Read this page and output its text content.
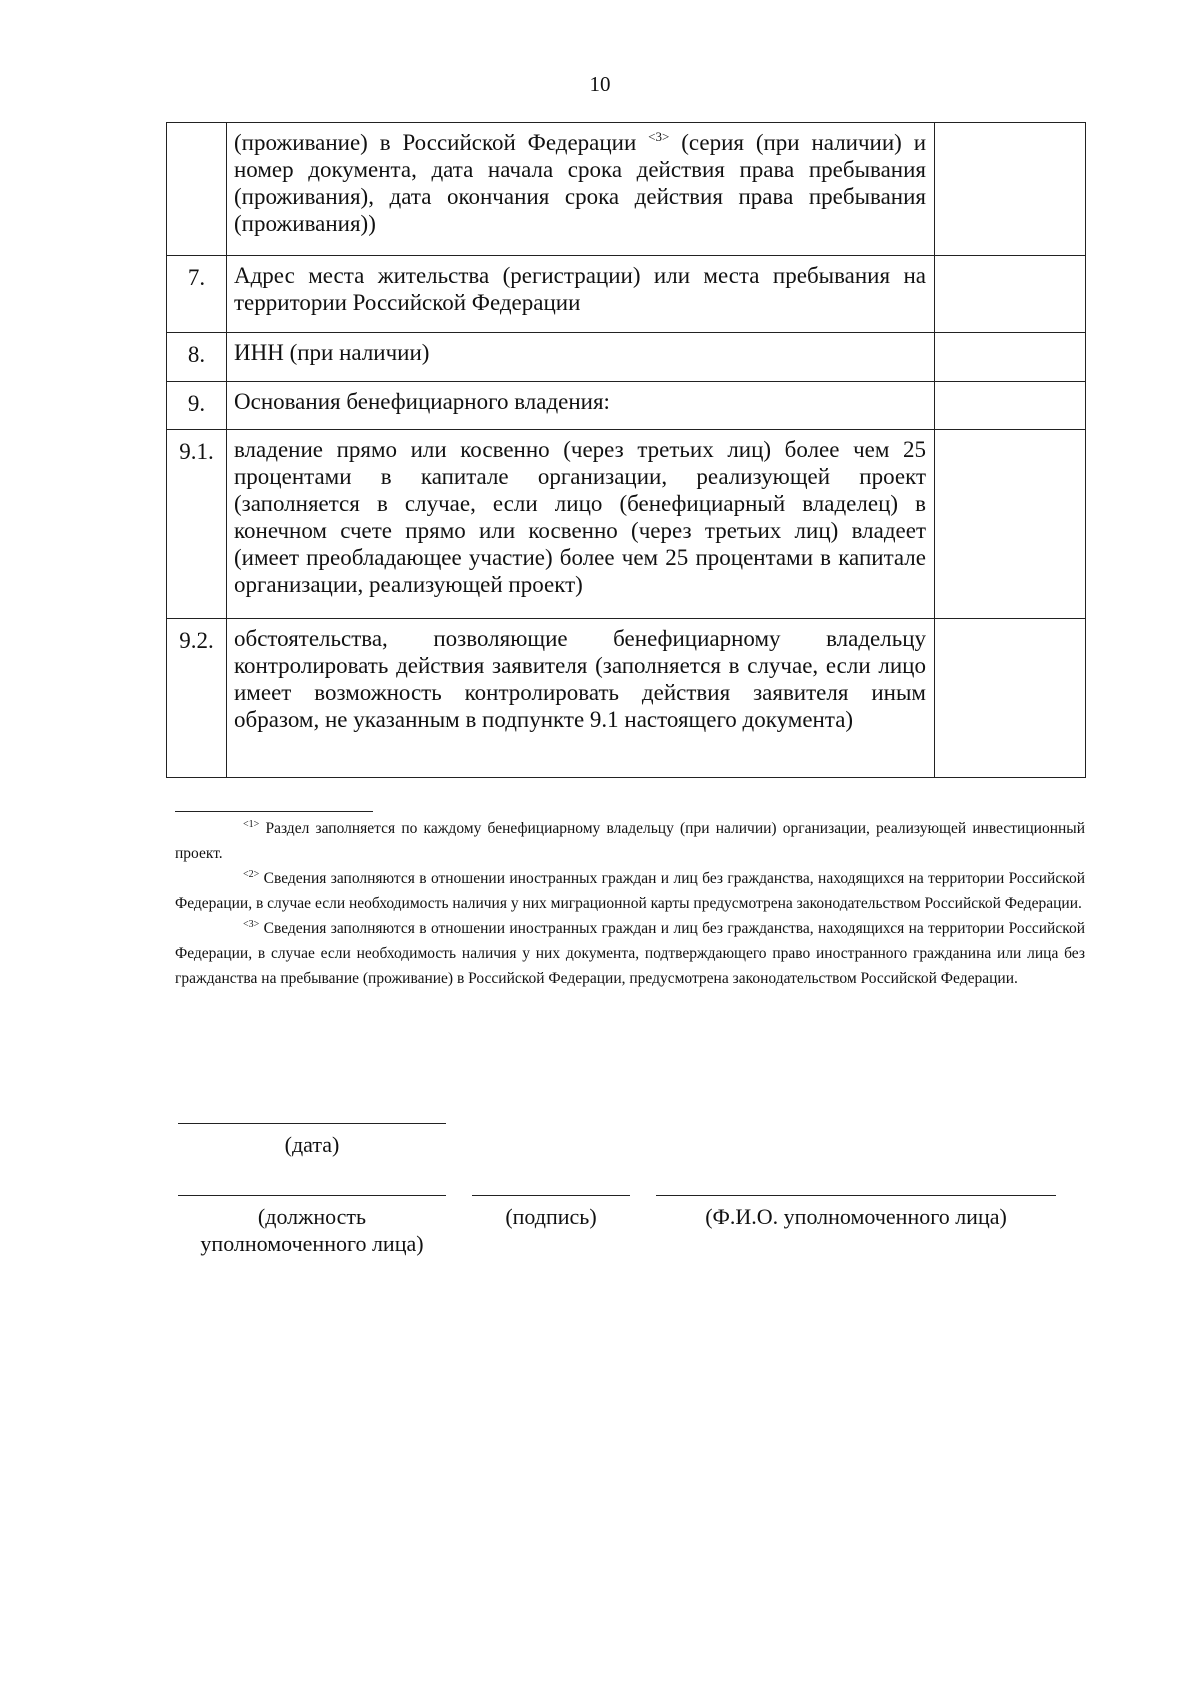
10
	(проживание) в Российской Федерации $^{<3>}$ (серия (при наличии) и номер документа, дата начала срока действия права пребывания (проживания), дата окончания срока действия права пребывания (проживания))	
7.	Адрес места жительства (регистрации) или места пребывания на территории Российской Федерации	
8.	ИНН (при наличии)	
9.	Основания бенефициарного владения:	
9.1.	владение прямо или косвенно (через третьих лиц) более чем 25 процентами в капитале организации, реализующей проект (заполняется в случае, если лицо (бенефициарный владелец) в конечном счете прямо или косвенно (через третьих лиц) владеет (имеет преобладающее участие) более чем 25 процентами в капитале организации, реализующей проект)	
9.2.	обстоятельства, позволяющие бенефициарному владельцу контролировать действия заявителя (заполняется в случае, если лицо имеет возможность контролировать действия заявителя иным образом, не указанным в подпункте 9.1 настоящего документа)	

$^{<1>}$ Раздел заполняется по каждому бенефициарному владельцу (при наличии) организации, реализующей инвестиционный проект.

$^{<2>}$ Сведения заполняются в отношении иностранных граждан и лиц без гражданства, находящихся на территории Российской Федерации, в случае если необходимость наличия у них миграционной карты предусмотрена законодательством Российской Федерации.

$^{<3>}$ Сведения заполняются в отношении иностранных граждан и лиц без гражданства, находящихся на территории Российской Федерации, в случае если необходимость наличия у них документа, подтверждающего право иностранного гражданина или лица без гражданства на пребывание (проживание) в Российской Федерации, предусмотрена законодательством Российской Федерации.

(дата)
(должность
уполномоченного лица)
(подпись)	(Ф.И.О. уполномоченного лица)
